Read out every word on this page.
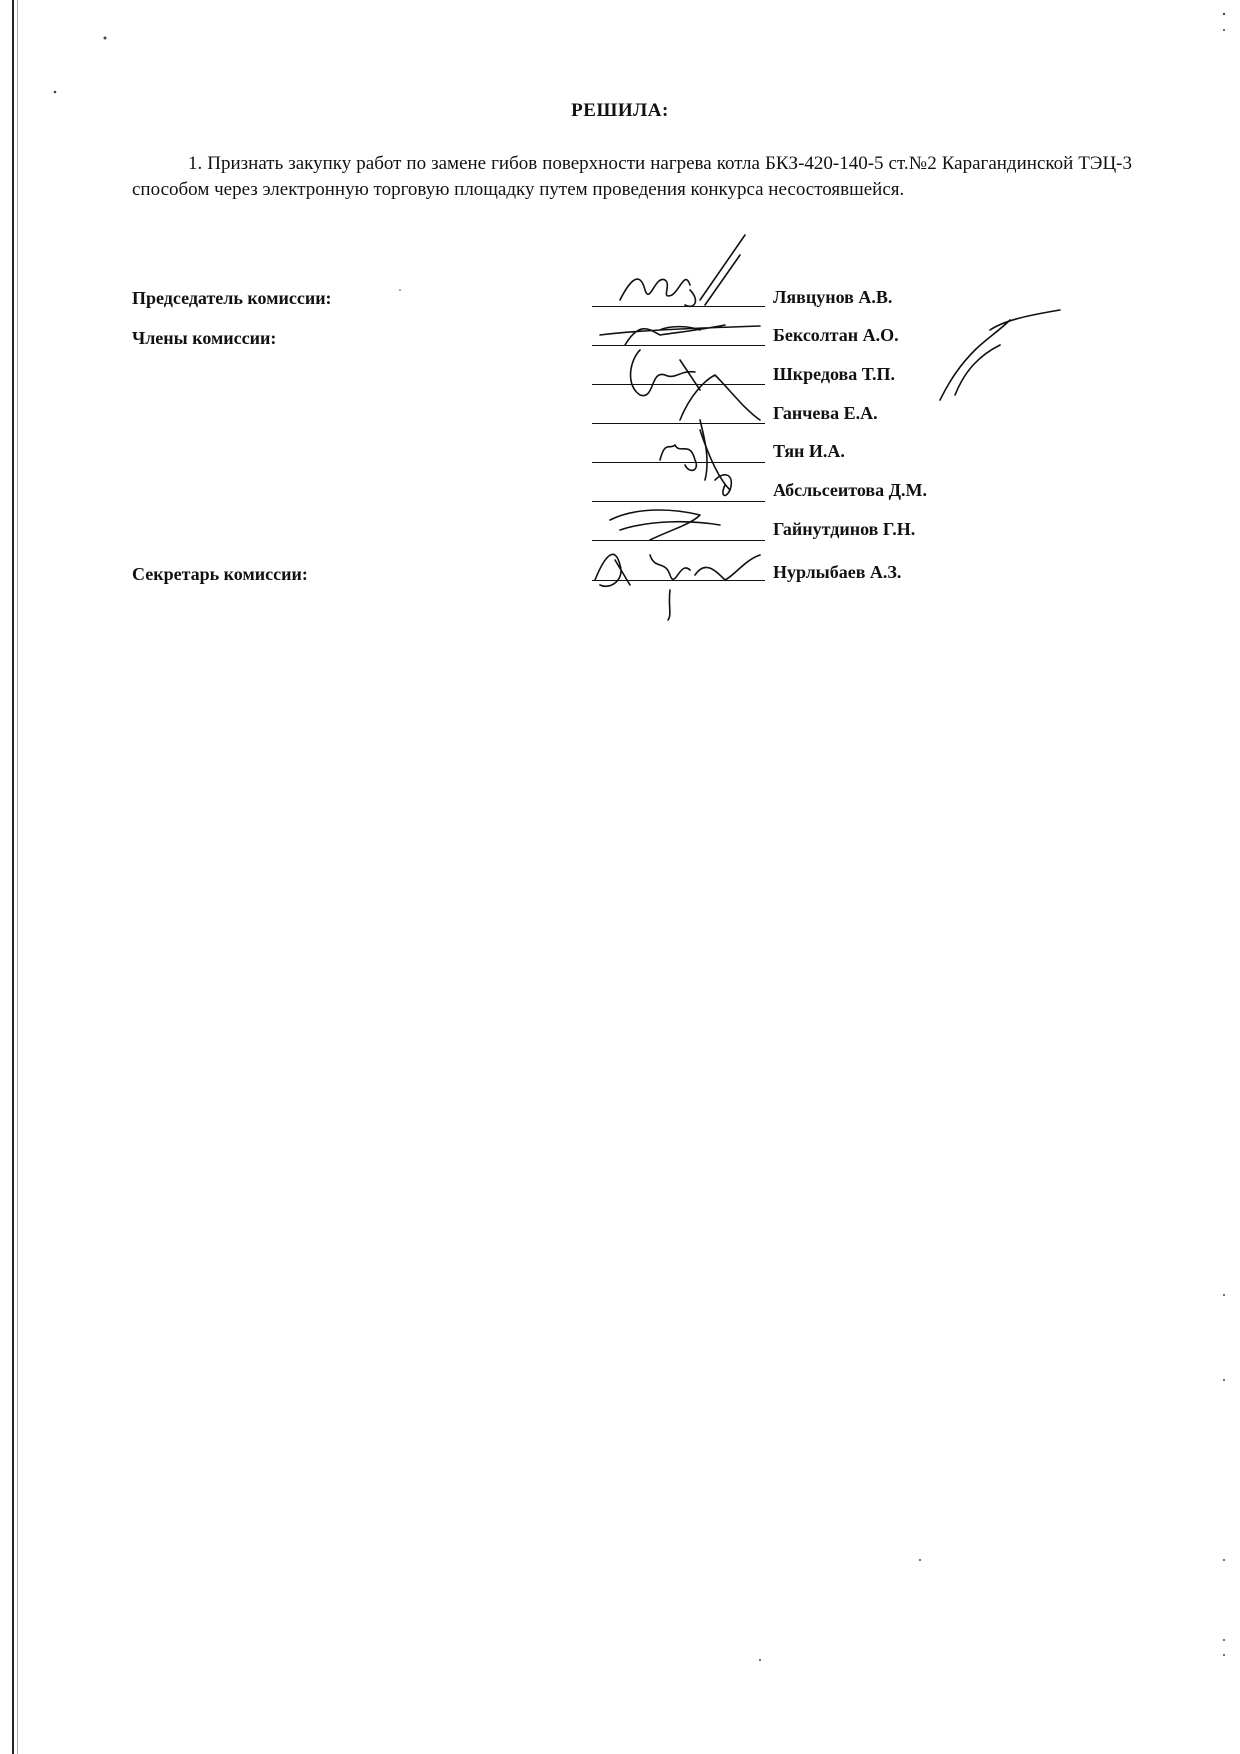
РЕШИЛА:
1. Признать закупку работ по замене гибов поверхности нагрева котла БКЗ-420-140-5 ст.№2 Карагандинской ТЭЦ-3 способом через электронную торговую площадку путем проведения конкурса несостоявшейся.
Председатель комиссии:
Члены комиссии:
Секретарь комиссии:
Лявцунов А.В.
Бексолтан А.О.
Шкредова Т.П.
Ганчева Е.А.
Тян И.А.
Абсльсеитова Д.М.
Гайнутдинов Г.Н.
Нурлыбаев А.З.
